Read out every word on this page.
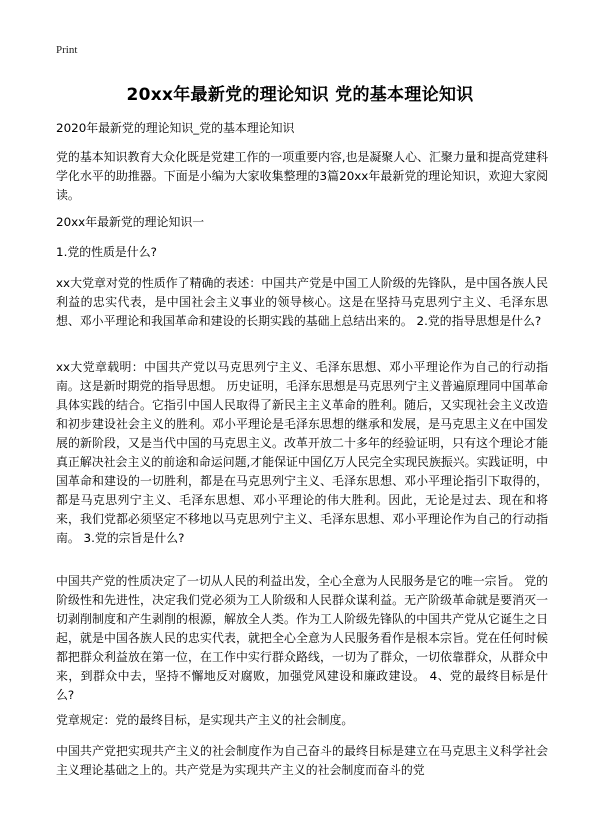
Print
20xx年最新党的理论知识 党的基本理论知识

2020年最新党的理论知识_党的基本理论知识

党的基本知识教育大众化既是党建工作的一项重要内容,也是凝聚人心、汇聚力量和提高党建科学化水平的助推器。下面是小编为大家收集整理的3篇20xx年最新党的理论知识，欢迎大家阅读。

20xx年最新党的理论知识一

1.党的性质是什么?

xx大党章对党的性质作了精确的表述：中国共产党是中国工人阶级的先锋队，是中国各族人民利益的忠实代表，是中国社会主义事业的领导核心。这是在坚持马克思列宁主义、毛泽东思想、邓小平理论和我国革命和建设的长期实践的基础上总结出来的。 2.党的指导思想是什么?

xx大党章载明：中国共产党以马克思列宁主义、毛泽东思想、邓小平理论作为自己的行动指南。这是新时期党的指导思想。 历史证明，毛泽东思想是马克思列宁主义普遍原理同中国革命具体实践的结合。它指引中国人民取得了新民主主义革命的胜利。随后，又实现社会主义改造和初步建设社会主义的胜利。邓小平理论是毛泽东思想的继承和发展，是马克思主义在中国发展的新阶段，又是当代中国的马克思主义。改革开放二十多年的经验证明，只有这个理论才能真正解决社会主义的前途和命运问题,才能保证中国亿万人民完全实现民族振兴。实践证明，中国革命和建设的一切胜利，都是在马克思列宁主义、毛泽东思想、邓小平理论指引下取得的，都是马克思列宁主义、毛泽东思想、邓小平理论的伟大胜利。因此，无论是过去、现在和将来，我们党都必须坚定不移地以马克思列宁主义、毛泽东思想、邓小平理论作为自己的行动指南。 3.党的宗旨是什么?

中国共产党的性质决定了一切从人民的利益出发，全心全意为人民服务是它的唯一宗旨。 党的阶级性和先进性，决定我们党必须为工人阶级和人民群众谋利益。无产阶级革命就是要消灭一切剥削制度和产生剥削的根源，解放全人类。作为工人阶级先锋队的中国共产党从它诞生之日起，就是中国各族人民的忠实代表，就把全心全意为人民服务看作是根本宗旨。党在任何时候都把群众利益放在第一位，在工作中实行群众路线，一切为了群众，一切依靠群众，从群众中来，到群众中去，坚持不懈地反对腐败，加强党风建设和廉政建设。 4、党的最终目标是什么?

党章规定：党的最终目标，是实现共产主义的社会制度。

中国共产党把实现共产主义的社会制度作为自己奋斗的最终目标是建立在马克思主义科学社会主义理论基础之上的。共产党是为实现共产主义的社会制度而奋斗的党
